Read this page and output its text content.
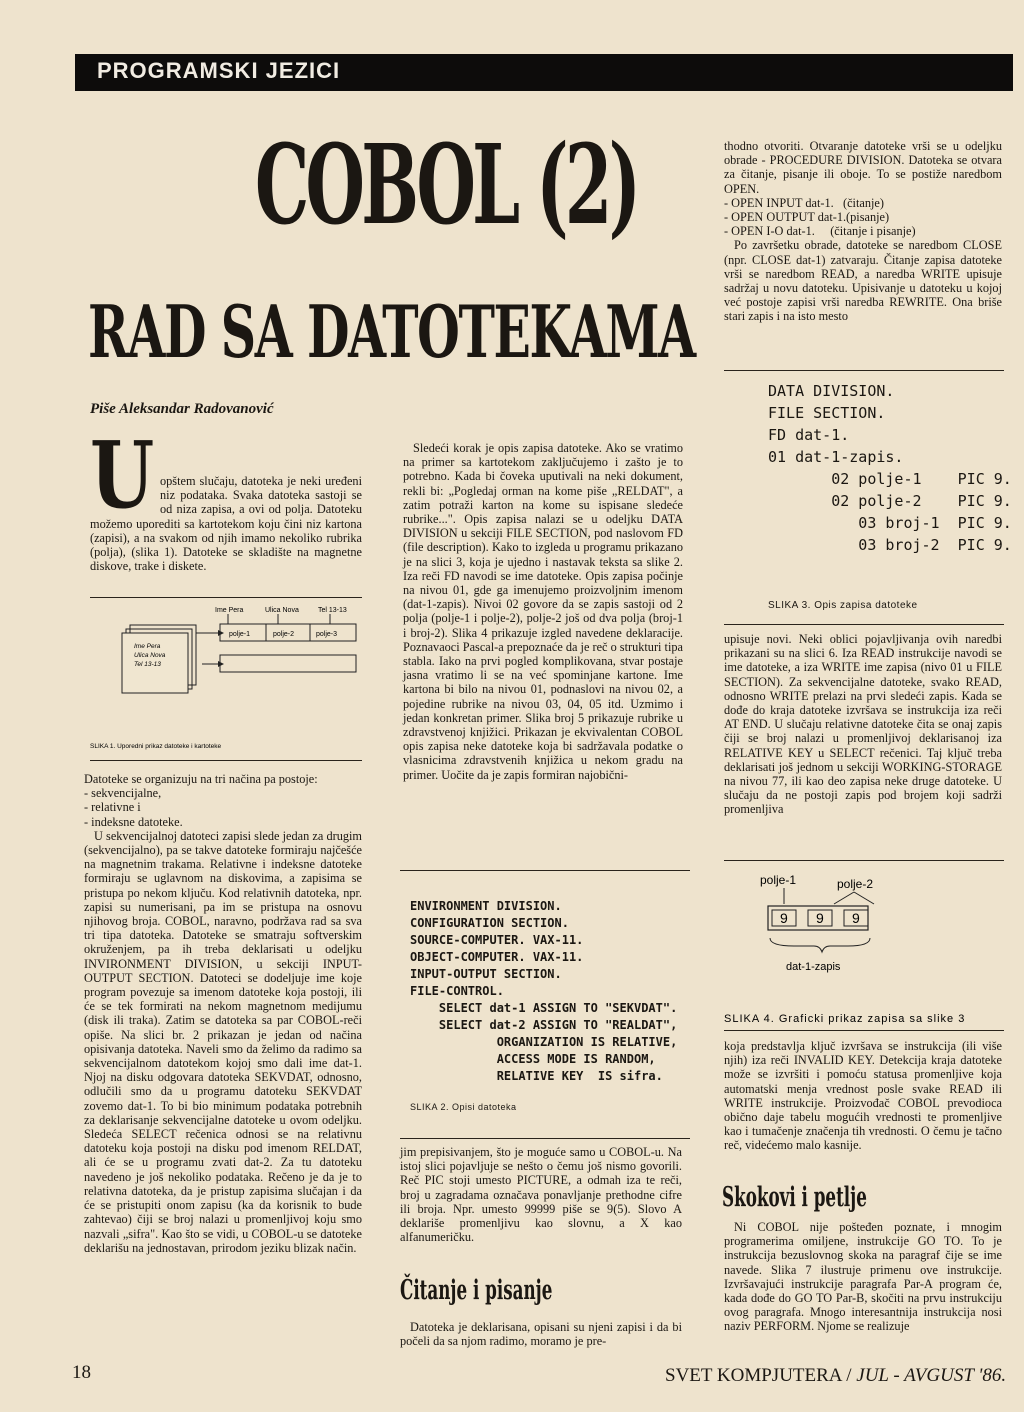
PROGRAMSKI JEZICI
COBOL (2)
RAD SA DATOTEKAMA
Piše Aleksandar Radovanović
U opštem slučaju, datoteka je neki uređeni niz podataka. Svaka datoteka sastoji se od niza zapisa, a ovi od polja. Datoteku možemo uporediti sa kartotekom koju čini niz kartona (zapisi), a na svakom od njih imamo nekoliko rubrika (polja), (slika 1). Datoteke se skladište na magnetne diskove, trake i diskete.

Ime Pera	Ulica Nova	Tel 13-13
Ime Pera
Ulica Nova
Tel 13-13
polje-1	polje-2	polje-3
SLIKA 1. Uporedni prikaz datoteke i kartoteke

Datoteke se organizuju na tri načina pa postoje:

- sekvencijalne,

- relativne i

- indeksne datoteke.

U sekvencijalnoj datoteci zapisi slede jedan za drugim (sekvencijalno), pa se takve datoteke formiraju najčešće na magnetnim trakama. Relativne i indeksne datoteke formiraju se uglavnom na diskovima, a zapisima se pristupa po nekom ključu. Kod relativnih datoteka, npr. zapisi su numerisani, pa im se pristupa na osnovu njihovog broja. COBOL, naravno, podržava rad sa sva tri tipa datoteka. Datoteke se smatraju softverskim okruženjem, pa ih treba deklarisati u odeljku INVIRONMENT DIVISION, u sekciji INPUT-OUTPUT SECTION. Datoteci se dodeljuje ime koje program povezuje sa imenom datoteke koja postoji, ili će se tek formirati na nekom magnetnom medijumu (disk ili traka). Zatim se datoteka sa par COBOL-reči opiše. Na slici br. 2 prikazan je jedan od načina opisivanja datoteka. Naveli smo da želimo da radimo sa sekvencijalnom datotekom kojoj smo dali ime dat-1. Njoj na disku odgovara datoteka SEKVDAT, odnosno, odlučili smo da u programu datoteku SEKVDAT zovemo dat-1. To bi bio minimum podataka potrebnih za deklarisanje sekvencijalne datoteke u ovom odeljku. Sledeća SELECT rečenica odnosi se na relativnu datoteku koja postoji na disku pod imenom RELDAT, ali će se u programu zvati dat-2. Za tu datoteku navedeno je još nekoliko podataka. Rečeno je da je to relativna datoteka, da je pristup zapisima slučajan i da će se pristupiti onom zapisu (ka da korisnik to bude zahtevao) čiji se broj nalazi u promenljivoj koju smo nazvali „sifra". Kao što se vidi, u COBOL-u se datoteke deklarišu na jednostavan, prirodom jeziku blizak način.

Sledeći korak je opis zapisa datoteke. Ako se vratimo na primer sa kartotekom zaključujemo i zašto je to potrebno. Kada bi čoveka uputivali na neki dokument, rekli bi: „Pogledaj orman na kome piše „RELDAT", a zatim potraži karton na kome su ispisane sledeće rubrike...". Opis zapisa nalazi se u odeljku DATA DIVISION u sekciji FILE SECTION, pod naslovom FD (file description). Kako to izgleda u programu prikazano je na slici 3, koja je ujedno i nastavak teksta sa slike 2. Iza reči FD navodi se ime datoteke. Opis zapisa počinje na nivou 01, gde ga imenujemo proizvoljnim imenom (dat-1-zapis). Nivoi 02 govore da se zapis sastoji od 2 polja (polje-1 i polje-2), polje-2 još od dva polja (broj-1 i broj-2). Slika 4 prikazuje izgled navedene deklaracije. Poznavaoci Pascal-a prepoznaće da je reč o strukturi tipa stabla. Iako na prvi pogled komplikovana, stvar postaje jasna vratimo li se na već spominjane kartone. Ime kartona bi bilo na nivou 01, podnaslovi na nivou 02, a pojedine rubrike na nivou 03, 04, 05 itd. Uzmimo i jedan konkretan primer. Slika broj 5 prikazuje rubrike u zdravstvenoj knjižici. Prikazan je ekvivalentan COBOL opis zapisa neke datoteke koja bi sadržavala podatke o vlasnicima zdravstvenih knjižica u nekom gradu na primer. Uočite da je zapis formiran najobični-

ENVIRONMENT DIVISION.
CONFIGURATION SECTION.
SOURCE-COMPUTER. VAX-11.
OBJECT-COMPUTER. VAX-11.
INPUT-OUTPUT SECTION.
FILE-CONTROL.
SELECT dat-1 ASSIGN TO "SEKVDAT".
SELECT dat-2 ASSIGN TO "REALDAT",
ORGANIZATION IS RELATIVE,
ACCESS MODE IS RANDOM,
RELATIVE KEY  IS sifra.
SLIKA 2. Opisi datoteka

jim prepisivanjem, što je moguće samo u COBOL-u. Na istoj slici pojavljuje se nešto o čemu još nismo govorili. Reč PIC stoji umesto PICTURE, a odmah iza te reči, broj u zagradama označava ponavljanje prethodne cifre ili broja. Npr. umesto 99999 piše se 9(5). Slovo A deklariše promenljivu kao slovnu, a X kao alfanumeričku.

Čitanje i pisanje

Datoteka je deklarisana, opisani su njeni zapisi i da bi počeli da sa njom radimo, moramo je pre-

thodno otvoriti. Otvaranje datoteke vrši se u odeljku obrade - PROCEDURE DIVISION. Datoteka se otvara za čitanje, pisanje ili oboje. To se postiže naredbom OPEN.

- OPEN INPUT dat-1.   (čitanje)

- OPEN OUTPUT dat-1.(pisanje)

- OPEN I-O dat-1.     (čitanje i pisanje)

Po završetku obrade, datoteke se naredbom CLOSE (npr. CLOSE dat-1) zatvaraju. Čitanje zapisa datoteke vrši se naredbom READ, a naredba WRITE upisuje sadržaj u novu datoteku. Upisivanje u datoteku u kojoj već postoje zapisi vrši naredba REWRITE. Ona briše stari zapis i na isto mesto

DATA DIVISION.
FILE SECTION.
FD dat-1.
01 dat-1-zapis.
02 polje-1    PIC 9.
02 polje-2    PIC 9.
03 broj-1  PIC 9.
03 broj-2  PIC 9.
SLIKA 3. Opis zapisa datoteke

upisuje novi. Neki oblici pojavljivanja ovih naredbi prikazani su na slici 6. Iza READ instrukcije navodi se ime datoteke, a iza WRITE ime zapisa (nivo 01 u FILE SECTION). Za sekvencijalne datoteke, svako READ, odnosno WRITE prelazi na prvi sledeći zapis. Kada se dođe do kraja datoteke izvršava se instrukcija iza reči AT END. U slučaju relativne datoteke čita se onaj zapis čiji se broj nalazi u promenljivoj deklarisanoj iza RELATIVE KEY u SELECT rečenici. Taj ključ treba deklarisati još jednom u sekciji WORKING-STORAGE na nivou 77, ili kao deo zapisa neke druge datoteke. U slučaju da ne postoji zapis pod brojem koji sadrži promenljiva

polje-1	polje-2
9 9 9
dat-1-zapis
SLIKA 4. Graficki prikaz zapisa sa slike 3

koja predstavlja ključ izvršava se instrukcija (ili više njih) iza reči INVALID KEY. Detekcija kraja datoteke može se izvršiti i pomoću statusa promenljive koja automatski menja vrednost posle svake READ ili WRITE instrukcije. Proizvođač COBOL prevodioca obično daje tabelu mogućih vrednosti te promenljive kao i tumačenje značenja tih vrednosti. O čemu je tačno reč, videćemo malo kasnije.

Skokovi i petlje

Ni COBOL nije pošteđen poznate, i mnogim programerima omiljene, instrukcije GO TO. To je instrukcija bezuslovnog skoka na paragraf čije se ime navede. Slika 7 ilustruje primenu ove instrukcije. Izvršavajući instrukcije paragrafa Par-A program će, kada dođe do GO TO Par-B, skočiti na prvu instrukciju ovog paragrafa. Mnogo interesantnija instrukcija nosi naziv PERFORM. Njome se realizuje

18	SVET KOMPJUTERA / JUL - AVGUST '86.
